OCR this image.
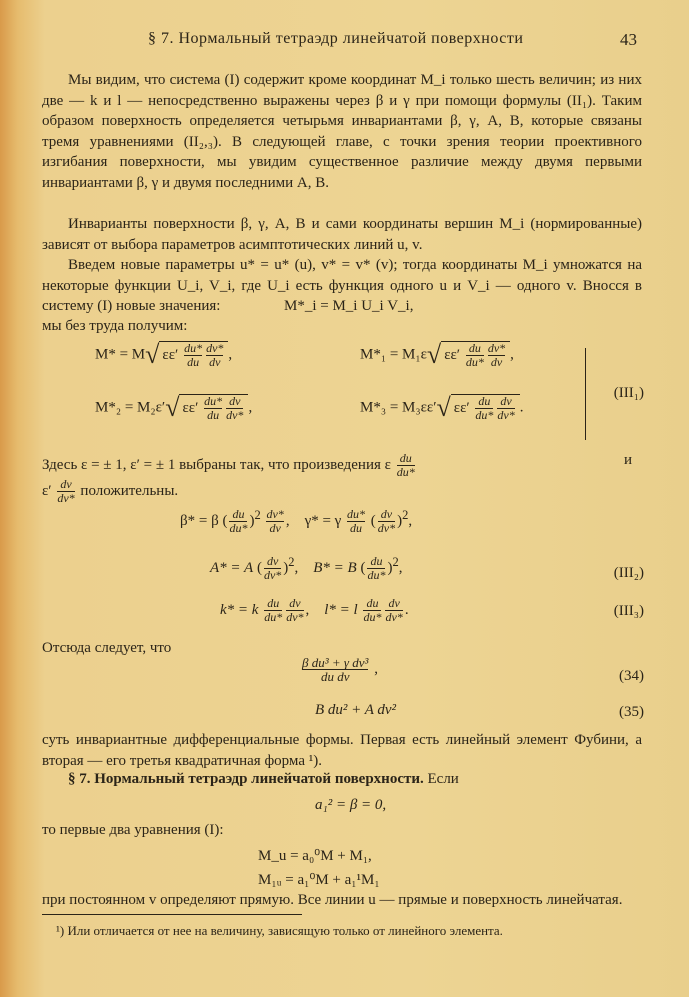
§ 7. Нормальный тетраэдр линейчатой поверхности	43
Мы видим, что система (I) содержит кроме координат M_i только шесть величин; из них две — k и l — непосредственно выражены через β и γ при помощи формулы (II₁). Таким образом поверхность определяется четырьмя инвариантами β, γ, A, B, которые связаны тремя уравнениями (II₂,₃). В следующей главе, с точки зрения теории проективного изгибания поверхности, мы увидим существенное различие между двумя первыми инвариантами β, γ и двумя последними A, B.
Инварианты поверхности β, γ, A, B и сами координаты вершин M_i (нормированные) зависят от выбора параметров асимптотических линий u, v.
Введем новые параметры u* = u* (u), v* = v* (v); тогда координаты M_i умножатся на некоторые функции U_i, V_i, где U_i есть функция одного u и V_i — одного v. Вносся в систему (I) новые значения:	M*_i = M_i U_i V_i,
мы без труда получим:
M* = M√ $\varepsilon\varepsilon' \frac{du*}{du} \frac{dv*}{dv}$ ,	M*₁ = M₁ε√ $\varepsilon\varepsilon' \frac{du}{du*} \frac{dv*}{dv}$ ,
M*₂ = M₂ε′√ $\varepsilon\varepsilon' \frac{du*}{du} \frac{dv}{dv*}$ ,	M*₃ = M₃εε′√ $\varepsilon\varepsilon' \frac{du}{du*} \frac{dv}{dv*}$ .
(III₁)
Здесь ε = ± 1, ε′ = ± 1 выбраны так, что произведения ε $\frac{du}{du*}$	и
$\varepsilon' \frac{dv}{dv*}$ положительны.
β* = β ( $\frac{du}{du*} )^2 \frac{dv*}{dv}$ ,    γ* = γ $\frac{du*}{du}$ ( $\frac{dv}{dv*} )^2$,
A* = A ( $\frac{dv}{dv*} )^2$,    B* = B ( $\frac{du}{du*} )^2$,	(III₂)
k* = k $\frac{du}{du*} \frac{dv}{dv*}$ ,    l* = l $\frac{du}{du*} \frac{dv}{dv*}$ .	(III₃)
Отсюда следует, что
$\frac{\text{β du³ + γ dv³}}{\text{du dv}}$ ,	(34)
B du² + A dv²	(35)
суть инвариантные дифференциальные формы. Первая есть линейный элемент Фубини, а вторая — его третья квадратичная форма ¹).
§ 7. Нормальный тетраэдр линейчатой поверхности. Если
a₁² = β = 0,
то первые два уравнения (I):
M_u = a₀⁰M + M₁,
M₁ᵤ = a₁⁰M + a₁¹M₁
при постоянном v определяют прямую. Все линии u — прямые и поверхность линейчатая.
¹) Или отличается от нее на величину, зависящую только от линейного элемента.
